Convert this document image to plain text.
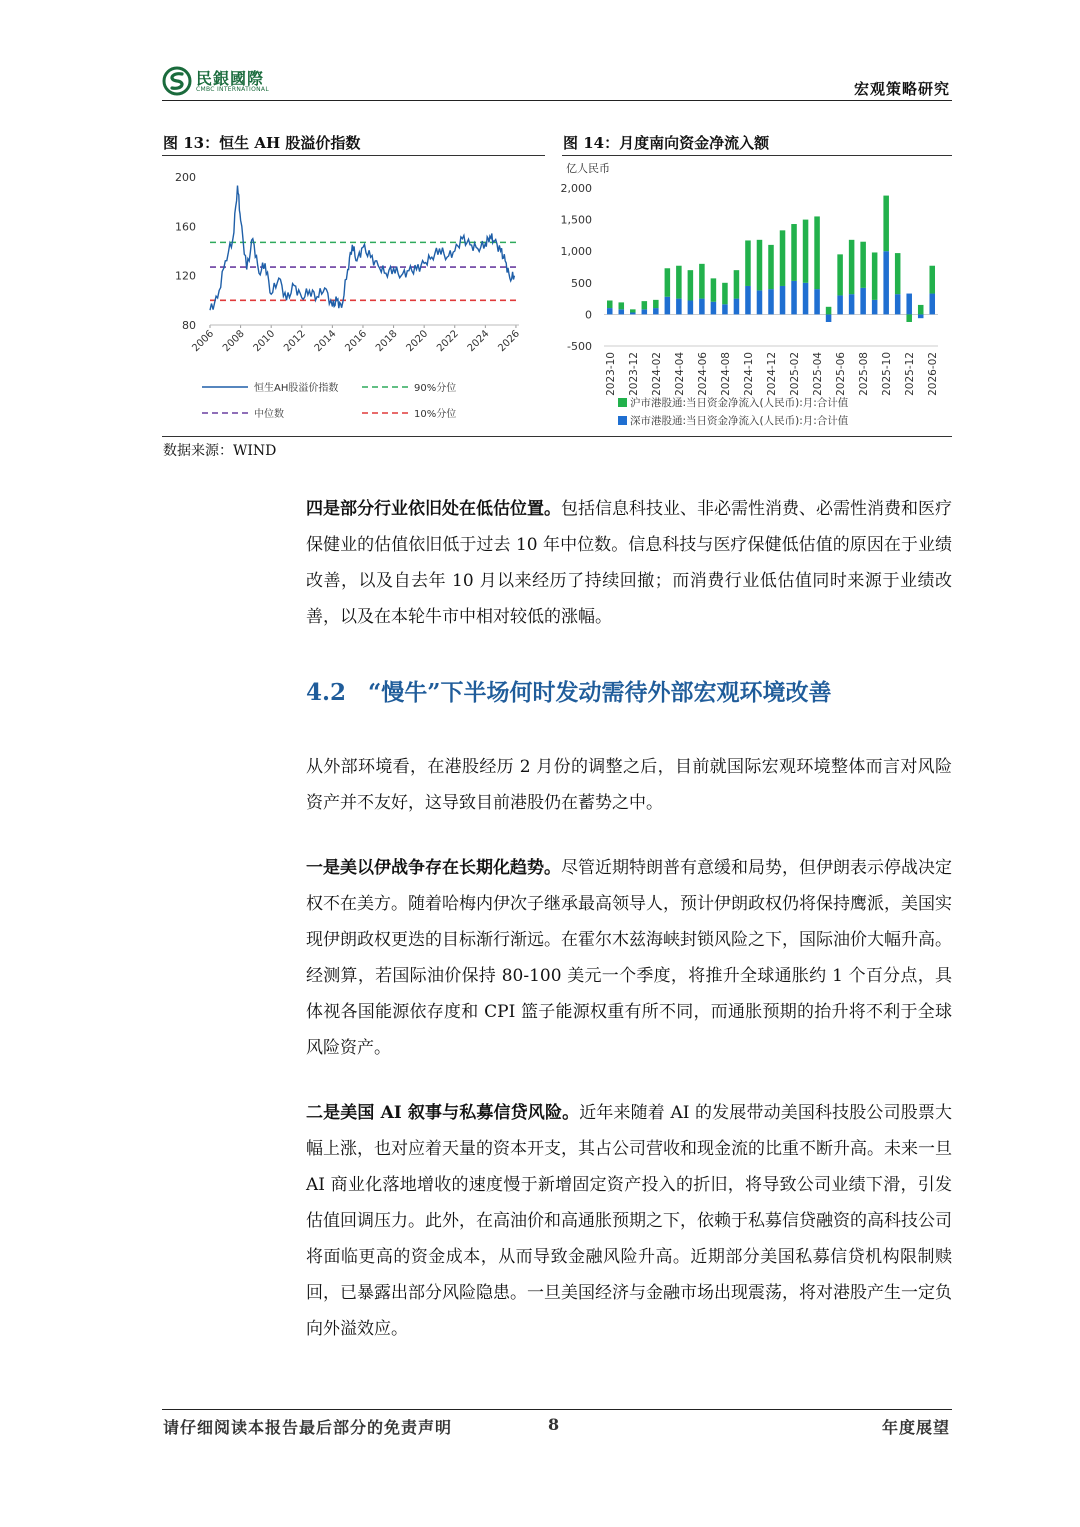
民銀國際
CMBC INTERNATIONAL	宏观策略研究
图 13：恒生 AH 股溢价指数	图 14：月度南向资金净流入额
200
160
120
80
2006 2008 2010 2012 2014 2016 2018 2020 2022 2024 2026
恒生AH股溢价指数	90%分位
中位数	10%分位
亿人民币
2,000
1,500
1,000
500
0
-500
2023-10 2023-12 2024-02 2024-04 2024-06 2024-08 2024-10 2024-12 2025-02 2025-04 2025-06 2025-08 2025-10 2025-12 2026-02
沪市港股通:当日资金净流入(人民币):月:合计值
深市港股通:当日资金净流入(人民币):月:合计值
数据来源：WIND

四是部分行业依旧处在低估位置。包括信息科技业、非必需性消费、必需性消费和医疗保健业的估值依旧低于过去 10 年中位数。信息科技与医疗保健低估值的原因在于业绩改善，以及自去年 10 月以来经历了持续回撤；而消费行业低估值同时来源于业绩改善，以及在本轮牛市中相对较低的涨幅。

4.2 “慢牛”下半场何时发动需待外部宏观环境改善

从外部环境看，在港股经历 2 月份的调整之后，目前就国际宏观环境整体而言对风险资产并不友好，这导致目前港股仍在蓄势之中。

一是美以伊战争存在长期化趋势。尽管近期特朗普有意缓和局势，但伊朗表示停战决定权不在美方。随着哈梅内伊次子继承最高领导人，预计伊朗政权仍将保持鹰派，美国实现伊朗政权更迭的目标渐行渐远。在霍尔木兹海峡封锁风险之下，国际油价大幅升高。经测算，若国际油价保持 80-100 美元一个季度，将推升全球通胀约 1 个百分点，具体视各国能源依存度和 CPI 篮子能源权重有所不同，而通胀预期的抬升将不利于全球风险资产。

二是美国 AI 叙事与私募信贷风险。近年来随着 AI 的发展带动美国科技股公司股票大幅上涨，也对应着天量的资本开支，其占公司营收和现金流的比重不断升高。未来一旦 AI 商业化落地增收的速度慢于新增固定资产投入的折旧，将导致公司业绩下滑，引发估值回调压力。此外，在高油价和高通胀预期之下，依赖于私募信贷融资的高科技公司将面临更高的资金成本，从而导致金融风险升高。近期部分美国私募信贷机构限制赎回，已暴露出部分风险隐患。一旦美国经济与金融市场出现震荡，将对港股产生一定负向外溢效应。

请仔细阅读本报告最后部分的免责声明	8	年度展望
